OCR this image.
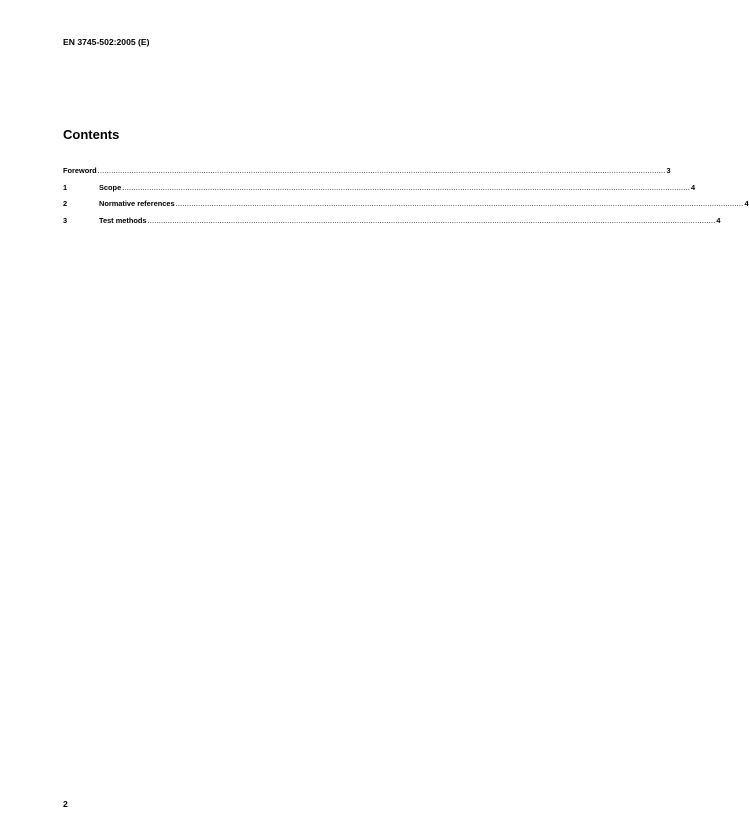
EN 3745-502:2005 (E)
Contents
Foreword ............................................................................................................................................................................................................................................................ 3
1	Scope ............................................................................................................................................................................................................................................................ 4
2	Normative references ............................................................................................................................................................................................................................................................ 4
3	Test methods ............................................................................................................................................................................................................................................................ 4
2
